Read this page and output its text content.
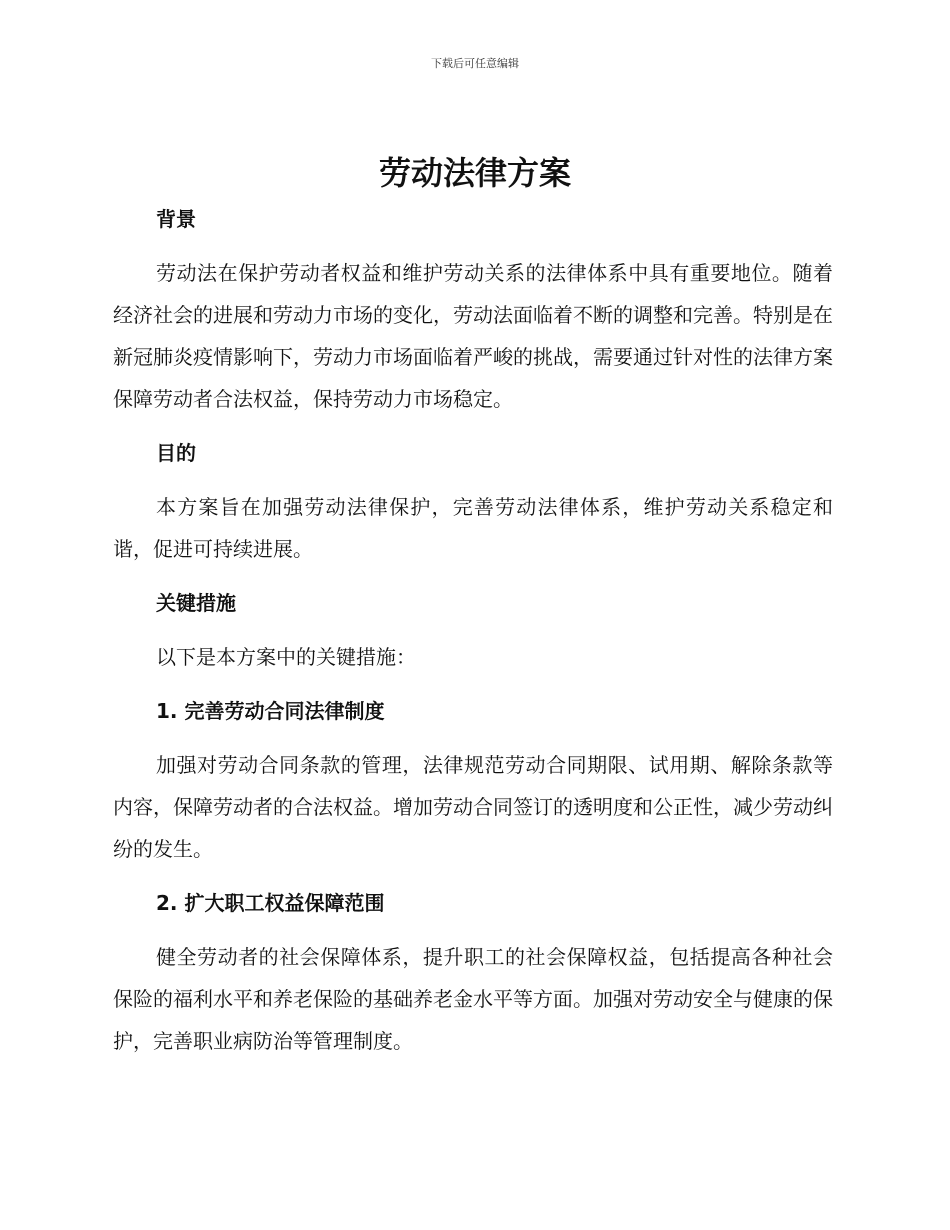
下载后可任意编辑
劳动法律方案

背景

劳动法在保护劳动者权益和维护劳动关系的法律体系中具有重要地位。随着经济社会的进展和劳动力市场的变化，劳动法面临着不断的调整和完善。特别是在新冠肺炎疫情影响下，劳动力市场面临着严峻的挑战，需要通过针对性的法律方案保障劳动者合法权益，保持劳动力市场稳定。

目的

本方案旨在加强劳动法律保护，完善劳动法律体系，维护劳动关系稳定和谐，促进可持续进展。

关键措施

以下是本方案中的关键措施：

1. 完善劳动合同法律制度

加强对劳动合同条款的管理，法律规范劳动合同期限、试用期、解除条款等内容，保障劳动者的合法权益。增加劳动合同签订的透明度和公正性，减少劳动纠纷的发生。

2. 扩大职工权益保障范围

健全劳动者的社会保障体系，提升职工的社会保障权益，包括提高各种社会保险的福利水平和养老保险的基础养老金水平等方面。加强对劳动安全与健康的保护，完善职业病防治等管理制度。
